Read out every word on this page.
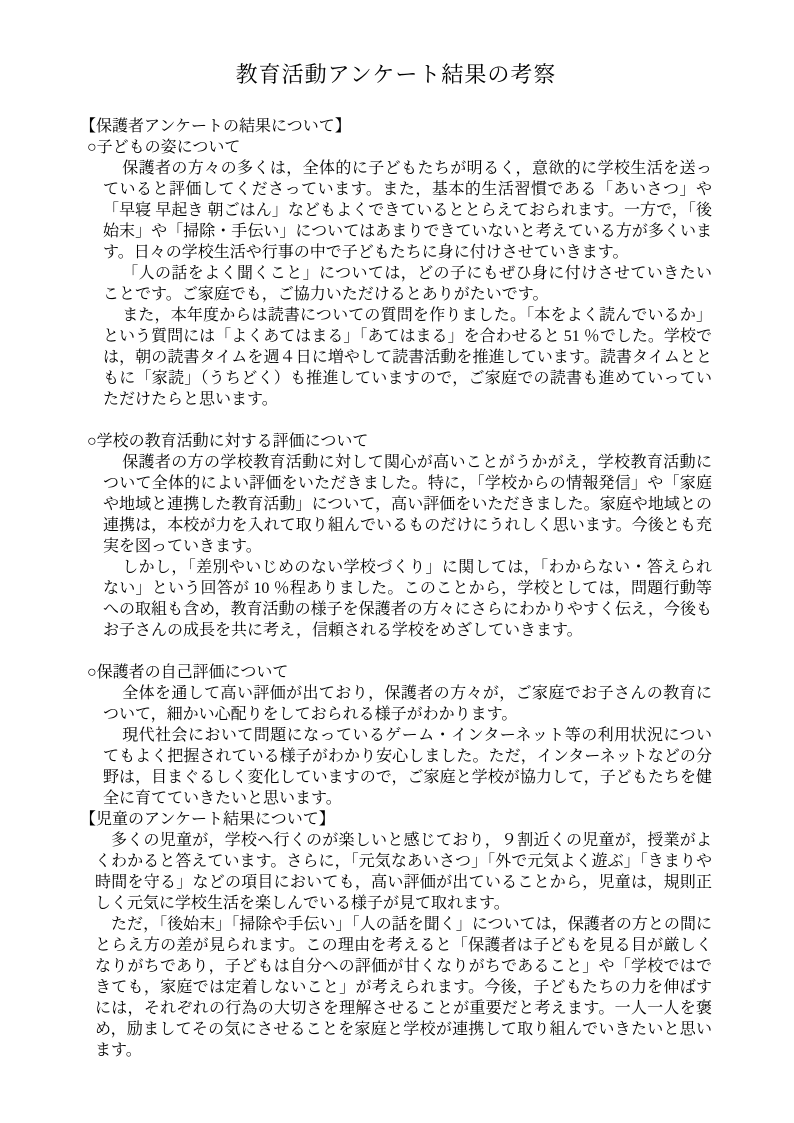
教育活動アンケート結果の考察
【保護者アンケートの結果について】
○子どもの姿について

保護者の方々の多くは，全体的に子どもたちが明るく，意欲的に学校生活を送っていると評価してくださっています。また，基本的生活習慣である「あいさつ」や「早寝 早起き 朝ごはん」などもよくできているととらえておられます。一方で，「後始末」や「掃除・手伝い」についてはあまりできていないと考えている方が多くいます。日々の学校生活や行事の中で子どもたちに身に付けさせていきます。

「人の話をよく聞くこと」については，どの子にもぜひ身に付けさせていきたいことです。ご家庭でも，ご協力いただけるとありがたいです。

また，本年度からは読書についての質問を作りました。「本をよく読んでいるか」という質問には「よくあてはまる」「あてはまる」を合わせると 51 ％でした。学校では，朝の読書タイムを週４日に増やして読書活動を推進しています。読書タイムとともに「家読」（うちどく）も推進していますので，ご家庭での読書も進めていっていただけたらと思います。

○学校の教育活動に対する評価について

保護者の方の学校教育活動に対して関心が高いことがうかがえ，学校教育活動について全体的によい評価をいただきました。特に，「学校からの情報発信」や「家庭や地域と連携した教育活動」について，高い評価をいただきました。家庭や地域との連携は，本校が力を入れて取り組んでいるものだけにうれしく思います。今後とも充実を図っていきます。

しかし，「差別やいじめのない学校づくり」に関しては，「わからない・答えられない」という回答が 10 ％程ありました。このことから，学校としては，問題行動等への取組も含め，教育活動の様子を保護者の方々にさらにわかりやすく伝え，今後もお子さんの成長を共に考え，信頼される学校をめざしていきます。

○保護者の自己評価について

全体を通して高い評価が出ており，保護者の方々が，ご家庭でお子さんの教育について，細かい心配りをしておられる様子がわかります。

現代社会において問題になっているゲーム・インターネット等の利用状況についてもよく把握されている様子がわかり安心しました。ただ，インターネットなどの分野は，目まぐるしく変化していますので，ご家庭と学校が協力して，子どもたちを健全に育てていきたいと思います。

【児童のアンケート結果について】

多くの児童が，学校へ行くのが楽しいと感じており，９割近くの児童が，授業がよくわかると答えています。さらに，「元気なあいさつ」「外で元気よく遊ぶ」「きまりや時間を守る」などの項目においても，高い評価が出ていることから，児童は，規則正しく元気に学校生活を楽しんでいる様子が見て取れます。

ただ，「後始末」「掃除や手伝い」「人の話を聞く」については，保護者の方との間にとらえ方の差が見られます。この理由を考えると「保護者は子どもを見る目が厳しくなりがちであり，子どもは自分への評価が甘くなりがちであること」や「学校ではできても，家庭では定着しないこと」が考えられます。今後，子どもたちの力を伸ばすには，それぞれの行為の大切さを理解させることが重要だと考えます。一人一人を褒め，励ましてその気にさせることを家庭と学校が連携して取り組んでいきたいと思います。
